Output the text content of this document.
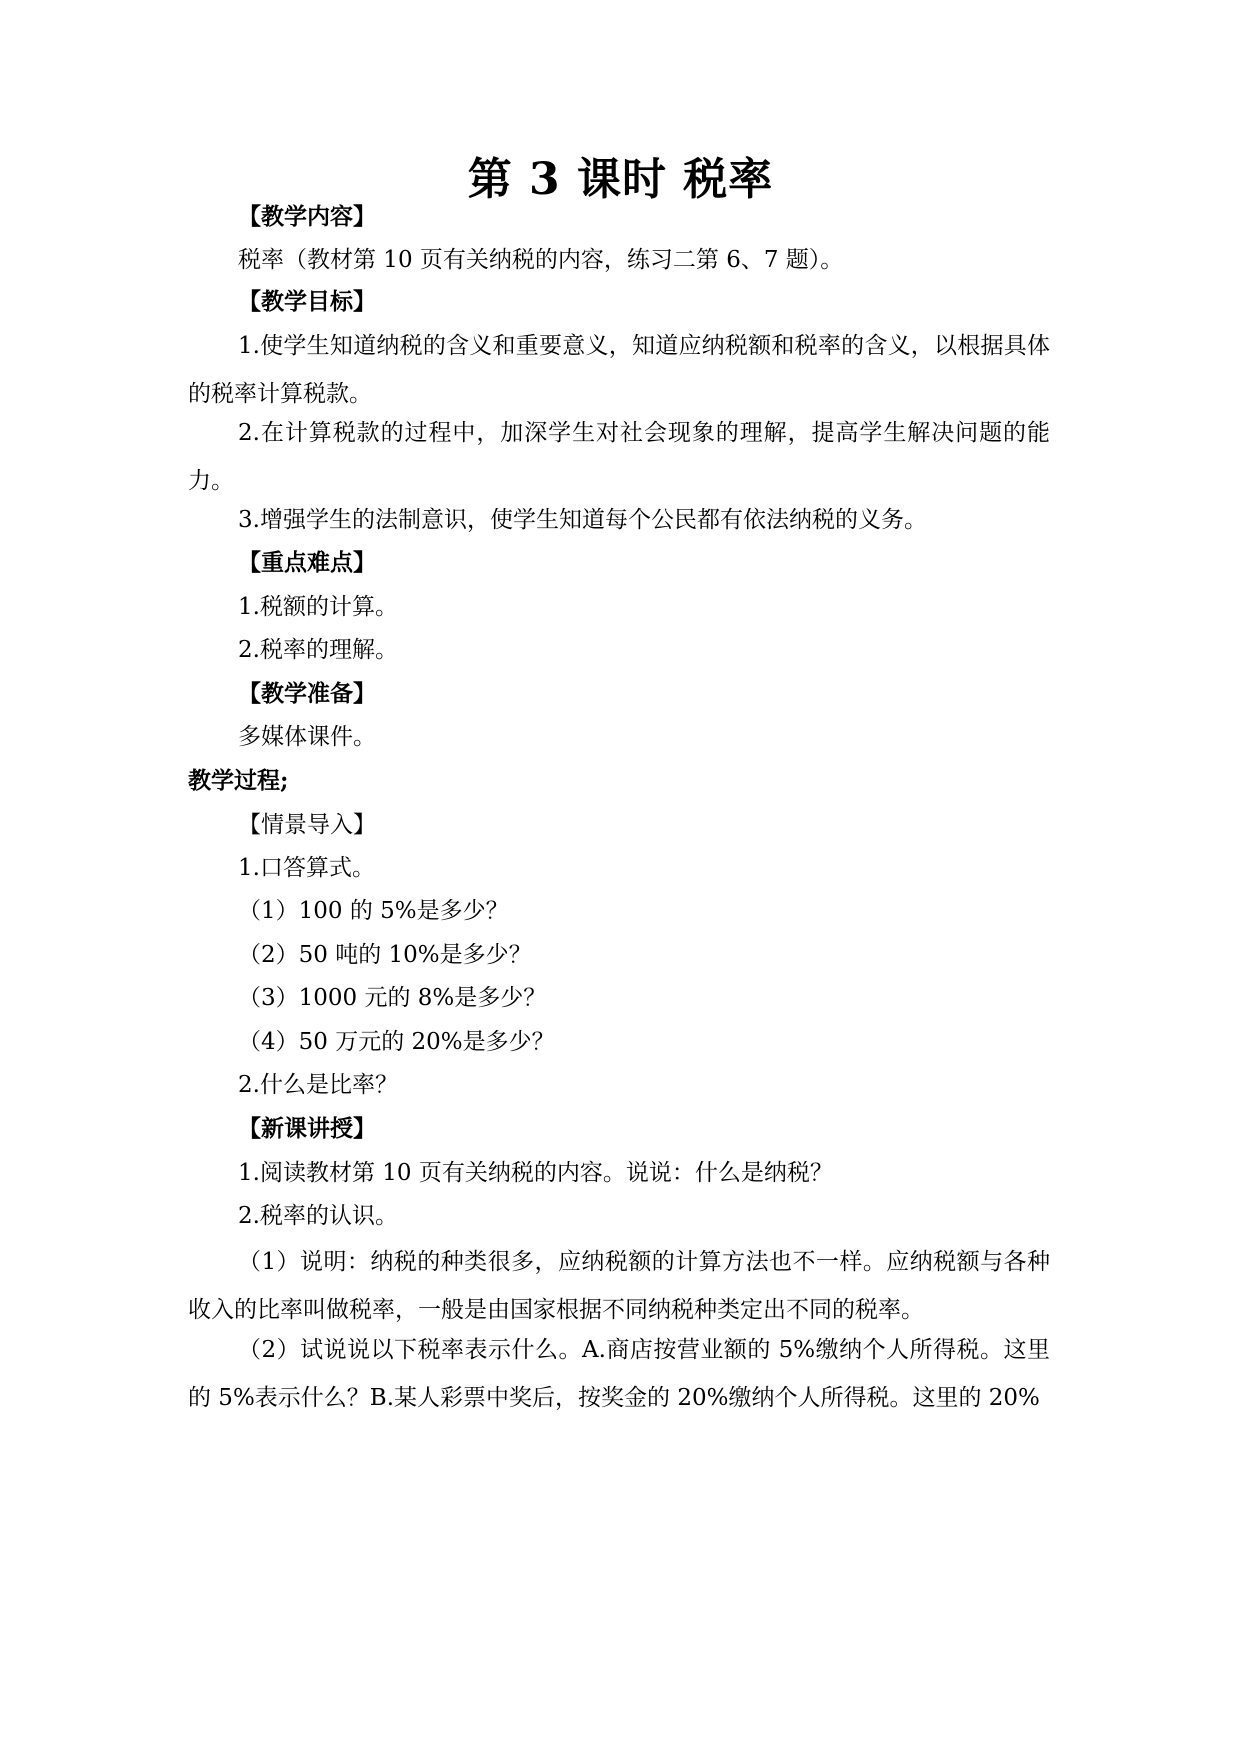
第 3 课时 税率
【教学内容】
税率（教材第 10 页有关纳税的内容，练习二第 6、7 题）。
【教学目标】
1.使学生知道纳税的含义和重要意义，知道应纳税额和税率的含义，以根据具体的税率计算税款。
2.在计算税款的过程中，加深学生对社会现象的理解，提高学生解决问题的能力。
3.增强学生的法制意识，使学生知道每个公民都有依法纳税的义务。
【重点难点】
1.税额的计算。
2.税率的理解。
【教学准备】
多媒体课件。
教学过程;
【情景导入】
1.口答算式。
（1）100 的 5%是多少？
（2）50 吨的 10%是多少？
（3）1000 元的 8%是多少？
（4）50 万元的 20%是多少？
2.什么是比率？
【新课讲授】
1.阅读教材第 10 页有关纳税的内容。说说：什么是纳税？
2.税率的认识。
（1）说明：纳税的种类很多，应纳税额的计算方法也不一样。应纳税额与各种收入的比率叫做税率，一般是由国家根据不同纳税种类定出不同的税率。
（2）试说说以下税率表示什么。A.商店按营业额的 5%缴纳个人所得税。这里的 5%表示什么？B.某人彩票中奖后，按奖金的 20%缴纳个人所得税。这里的 20%
